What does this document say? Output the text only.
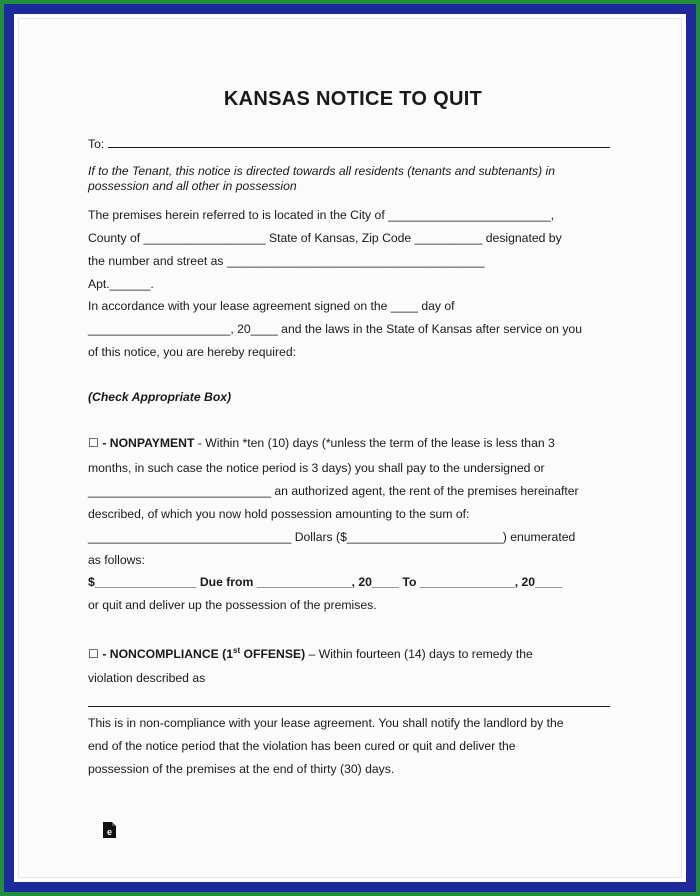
KANSAS NOTICE TO QUIT
To:
If to the Tenant, this notice is directed towards all residents (tenants and subtenants) in
possession and all other in possession
The premises herein referred to is located in the City of ________________________,
County of __________________ State of Kansas, Zip Code __________ designated by
the number and street as ______________________________________
Apt.______.
In accordance with your lease agreement signed on the ____ day of
_____________________, 20____ and the laws in the State of Kansas after service on you
of this notice, you are hereby required:
(Check Appropriate Box)
☐ - NONPAYMENT - Within *ten (10) days (*unless the term of the lease is less than 3
months, in such case the notice period is 3 days) you shall pay to the undersigned or
___________________________ an authorized agent, the rent of the premises hereinafter
described, of which you now hold possession amounting to the sum of:
______________________________ Dollars ($_______________________) enumerated
as follows:
$_______________ Due from ______________, 20____ To ______________, 20____
or quit and deliver up the possession of the premises.
☐ - NONCOMPLIANCE (1st OFFENSE) – Within fourteen (14) days to remedy the
violation described as
This is in non-compliance with your lease agreement. You shall notify the landlord by the
end of the notice period that the violation has been cured or quit and deliver the
possession of the premises at the end of thirty (30) days.
e
